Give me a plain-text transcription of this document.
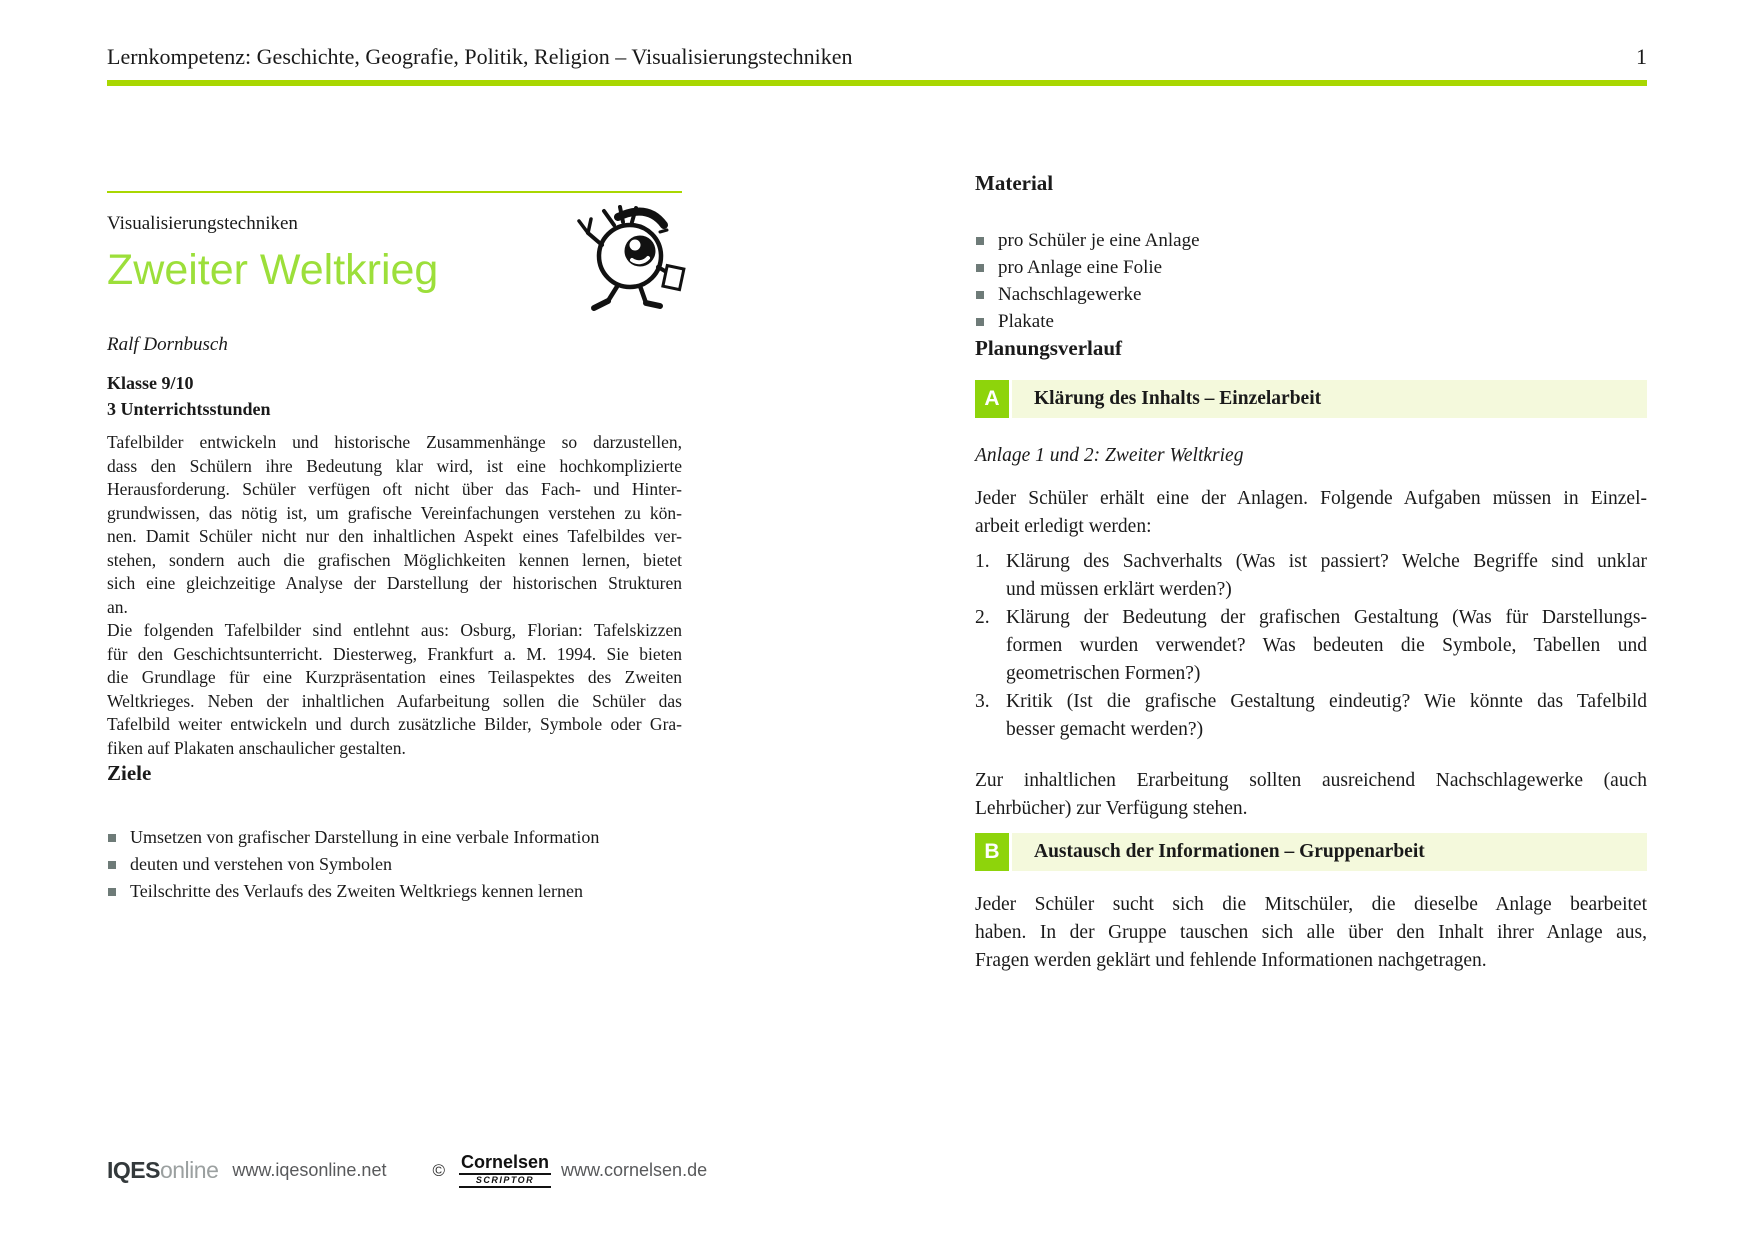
Lernkompetenz: Geschichte, Geografie, Politik, Religion – Visualisierungstechniken	1
Visualisierungstechniken
Zweiter Weltkrieg
Ralf Dornbusch
Klasse 9/10
3 Unterrichtsstunden
Tafelbilder entwickeln und historische Zusammenhänge so darzustellen,
dass den Schülern ihre Bedeutung klar wird, ist eine hochkomplizierte
Herausforderung. Schüler verfügen oft nicht über das Fach- und Hinter-
grundwissen, das nötig ist, um grafische Vereinfachungen verstehen zu kön-
nen. Damit Schüler nicht nur den inhaltlichen Aspekt eines Tafelbildes ver-
stehen, sondern auch die grafischen Möglichkeiten kennen lernen, bietet
sich eine gleichzeitige Analyse der Darstellung der historischen Strukturen
an.
Die folgenden Tafelbilder sind entlehnt aus: Osburg, Florian: Tafelskizzen
für den Geschichtsunterricht. Diesterweg, Frankfurt a. M. 1994. Sie bieten
die Grundlage für eine Kurzpräsentation eines Teilaspektes des Zweiten
Weltkrieges. Neben der inhaltlichen Aufarbeitung sollen die Schüler das
Tafelbild weiter entwickeln und durch zusätzliche Bilder, Symbole oder Gra-
fiken auf Plakaten anschaulicher gestalten.
Ziele
Umsetzen von grafischer Darstellung in eine verbale Information
deuten und verstehen von Symbolen
Teilschritte des Verlaufs des Zweiten Weltkriegs kennen lernen
Material
pro Schüler je eine Anlage
pro Anlage eine Folie
Nachschlagewerke
Plakate
Planungsverlauf
A	Klärung des Inhalts – Einzelarbeit
Anlage 1 und 2: Zweiter Weltkrieg
Jeder Schüler erhält eine der Anlagen. Folgende Aufgaben müssen in Einzel-
arbeit erledigt werden:
1. Klärung des Sachverhalts (Was ist passiert? Welche Begriffe sind unklar
und müssen erklärt werden?)
2. Klärung der Bedeutung der grafischen Gestaltung (Was für Darstellungs-
formen wurden verwendet? Was bedeuten die Symbole, Tabellen und
geometrischen Formen?)
3. Kritik (Ist die grafische Gestaltung eindeutig? Wie könnte das Tafelbild
besser gemacht werden?)
Zur inhaltlichen Erarbeitung sollten ausreichend Nachschlagewerke (auch
Lehrbücher) zur Verfügung stehen.
B	Austausch der Informationen – Gruppenarbeit
Jeder Schüler sucht sich die Mitschüler, die dieselbe Anlage bearbeitet
haben. In der Gruppe tauschen sich alle über den Inhalt ihrer Anlage aus,
Fragen werden geklärt und fehlende Informationen nachgetragen.
IQESonline www.iqesonline.net	© Cornelsen
SCRIPTOR	www.cornelsen.de
